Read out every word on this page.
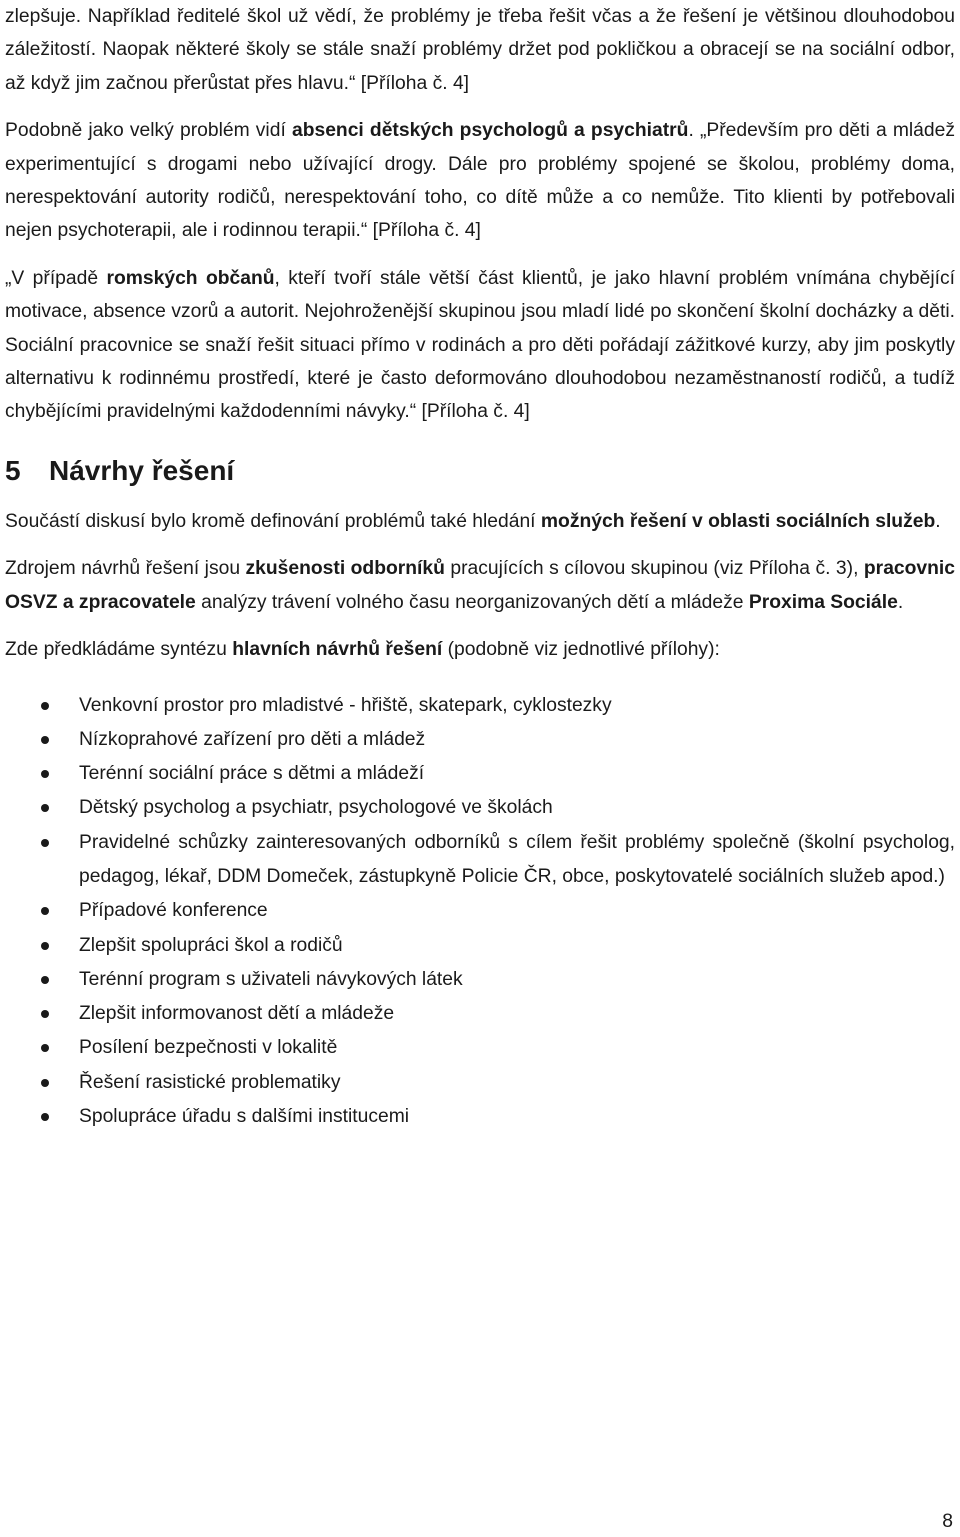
zlepšuje. Například ředitelé škol už vědí, že problémy je třeba řešit včas a že řešení je většinou dlouhodobou záležitostí. Naopak některé školy se stále snaží problémy držet pod pokličkou a obracejí se na sociální odbor, až když jim začnou přerůstat přes hlavu.“ [Příloha č. 4]

Podobně jako velký problém vidí absenci dětských psychologů a psychiatrů. „Především pro děti a mládež experimentující s drogami nebo užívající drogy. Dále pro problémy spojené se školou, problémy doma, nerespektování autority rodičů, nerespektování toho, co dítě může a co nemůže. Tito klienti by potřebovali nejen psychoterapii, ale i rodinnou terapii.“ [Příloha č. 4]

„V případě romských občanů, kteří tvoří stále větší část klientů, je jako hlavní problém vnímána chybějící motivace, absence vzorů a autorit. Nejohroženější skupinou jsou mladí lidé po skončení školní docházky a děti. Sociální pracovnice se snaží řešit situaci přímo v rodinách a pro děti pořádají zážitkové kurzy, aby jim poskytly alternativu k rodinnému prostředí, které je často deformováno dlouhodobou nezaměstnaností rodičů, a tudíž chybějícími pravidelnými každodenními návyky.“ [Příloha č. 4]

5 Návrhy řešení

Součástí diskusí bylo kromě definování problémů také hledání možných řešení v oblasti sociálních služeb.

Zdrojem návrhů řešení jsou zkušenosti odborníků pracujících s cílovou skupinou (viz Příloha č. 3), pracovnic OSVZ a zpracovatele analýzy trávení volného času neorganizovaných dětí a mládeže Proxima Sociále.

Zde předkládáme syntézu hlavních návrhů řešení (podobně viz jednotlivé přílohy):

Venkovní prostor pro mladistvé - hřiště, skatepark, cyklostezky
Nízkoprahové zařízení pro děti a mládež
Terénní sociální práce s dětmi a mládeží
Dětský psycholog a psychiatr, psychologové ve školách
Pravidelné schůzky zainteresovaných odborníků s cílem řešit problémy společně (školní psycholog, pedagog, lékař, DDM Domeček, zástupkyně Policie ČR, obce, poskytovatelé sociálních služeb apod.)
Případové konference
Zlepšit spolupráci škol a rodičů
Terénní program s uživateli návykových látek
Zlepšit informovanost dětí a mládeže
Posílení bezpečnosti v lokalitě
Řešení rasistické problematiky
Spolupráce úřadu s dalšími institucemi
8
